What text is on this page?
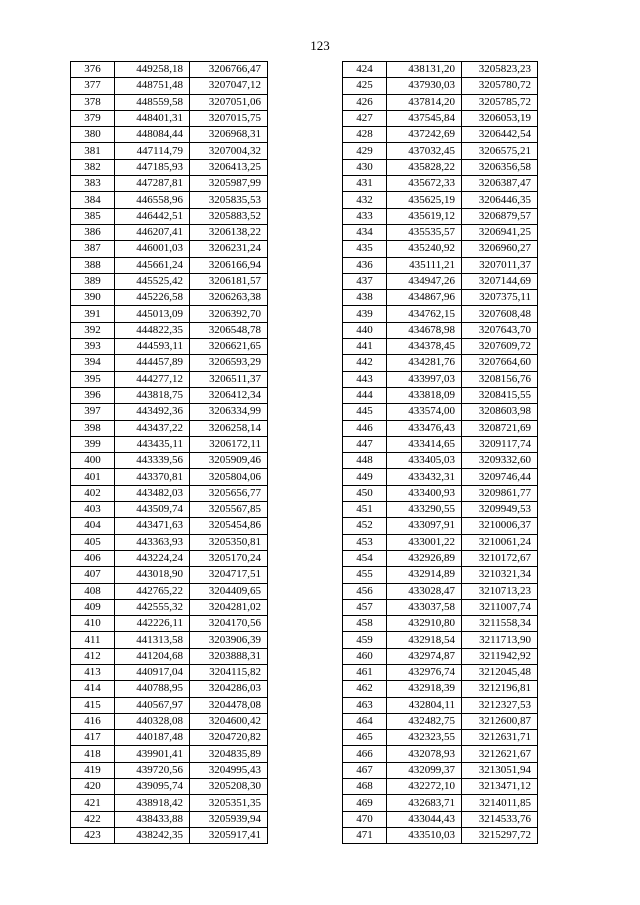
123
376	449258,18	3206766,47
377	448751,48	3207047,12
378	448559,58	3207051,06
379	448401,31	3207015,75
380	448084,44	3206968,31
381	447114,79	3207004,32
382	447185,93	3206413,25
383	447287,81	3205987,99
384	446558,96	3205835,53
385	446442,51	3205883,52
386	446207,41	3206138,22
387	446001,03	3206231,24
388	445661,24	3206166,94
389	445525,42	3206181,57
390	445226,58	3206263,38
391	445013,09	3206392,70
392	444822,35	3206548,78
393	444593,11	3206621,65
394	444457,89	3206593,29
395	444277,12	3206511,37
396	443818,75	3206412,34
397	443492,36	3206334,99
398	443437,22	3206258,14
399	443435,11	3206172,11
400	443339,56	3205909,46
401	443370,81	3205804,06
402	443482,03	3205656,77
403	443509,74	3205567,85
404	443471,63	3205454,86
405	443363,93	3205350,81
406	443224,24	3205170,24
407	443018,90	3204717,51
408	442765,22	3204409,65
409	442555,32	3204281,02
410	442226,11	3204170,56
411	441313,58	3203906,39
412	441204,68	3203888,31
413	440917,04	3204115,82
414	440788,95	3204286,03
415	440567,97	3204478,08
416	440328,08	3204600,42
417	440187,48	3204720,82
418	439901,41	3204835,89
419	439720,56	3204995,43
420	439095,74	3205208,30
421	438918,42	3205351,35
422	438433,88	3205939,94
423	438242,35	3205917,41
424	438131,20	3205823,23
425	437930,03	3205780,72
426	437814,20	3205785,72
427	437545,84	3206053,19
428	437242,69	3206442,54
429	437032,45	3206575,21
430	435828,22	3206356,58
431	435672,33	3206387,47
432	435625,19	3206446,35
433	435619,12	3206879,57
434	435535,57	3206941,25
435	435240,92	3206960,27
436	435111,21	3207011,37
437	434947,26	3207144,69
438	434867,96	3207375,11
439	434762,15	3207608,48
440	434678,98	3207643,70
441	434378,45	3207609,72
442	434281,76	3207664,60
443	433997,03	3208156,76
444	433818,09	3208415,55
445	433574,00	3208603,98
446	433476,43	3208721,69
447	433414,65	3209117,74
448	433405,03	3209332,60
449	433432,31	3209746,44
450	433400,93	3209861,77
451	433290,55	3209949,53
452	433097,91	3210006,37
453	433001,22	3210061,24
454	432926,89	3210172,67
455	432914,89	3210321,34
456	433028,47	3210713,23
457	433037,58	3211007,74
458	432910,80	3211558,34
459	432918,54	3211713,90
460	432974,87	3211942,92
461	432976,74	3212045,48
462	432918,39	3212196,81
463	432804,11	3212327,53
464	432482,75	3212600,87
465	432323,55	3212631,71
466	432078,93	3212621,67
467	432099,37	3213051,94
468	432272,10	3213471,12
469	432683,71	3214011,85
470	433044,43	3214533,76
471	433510,03	3215297,72
